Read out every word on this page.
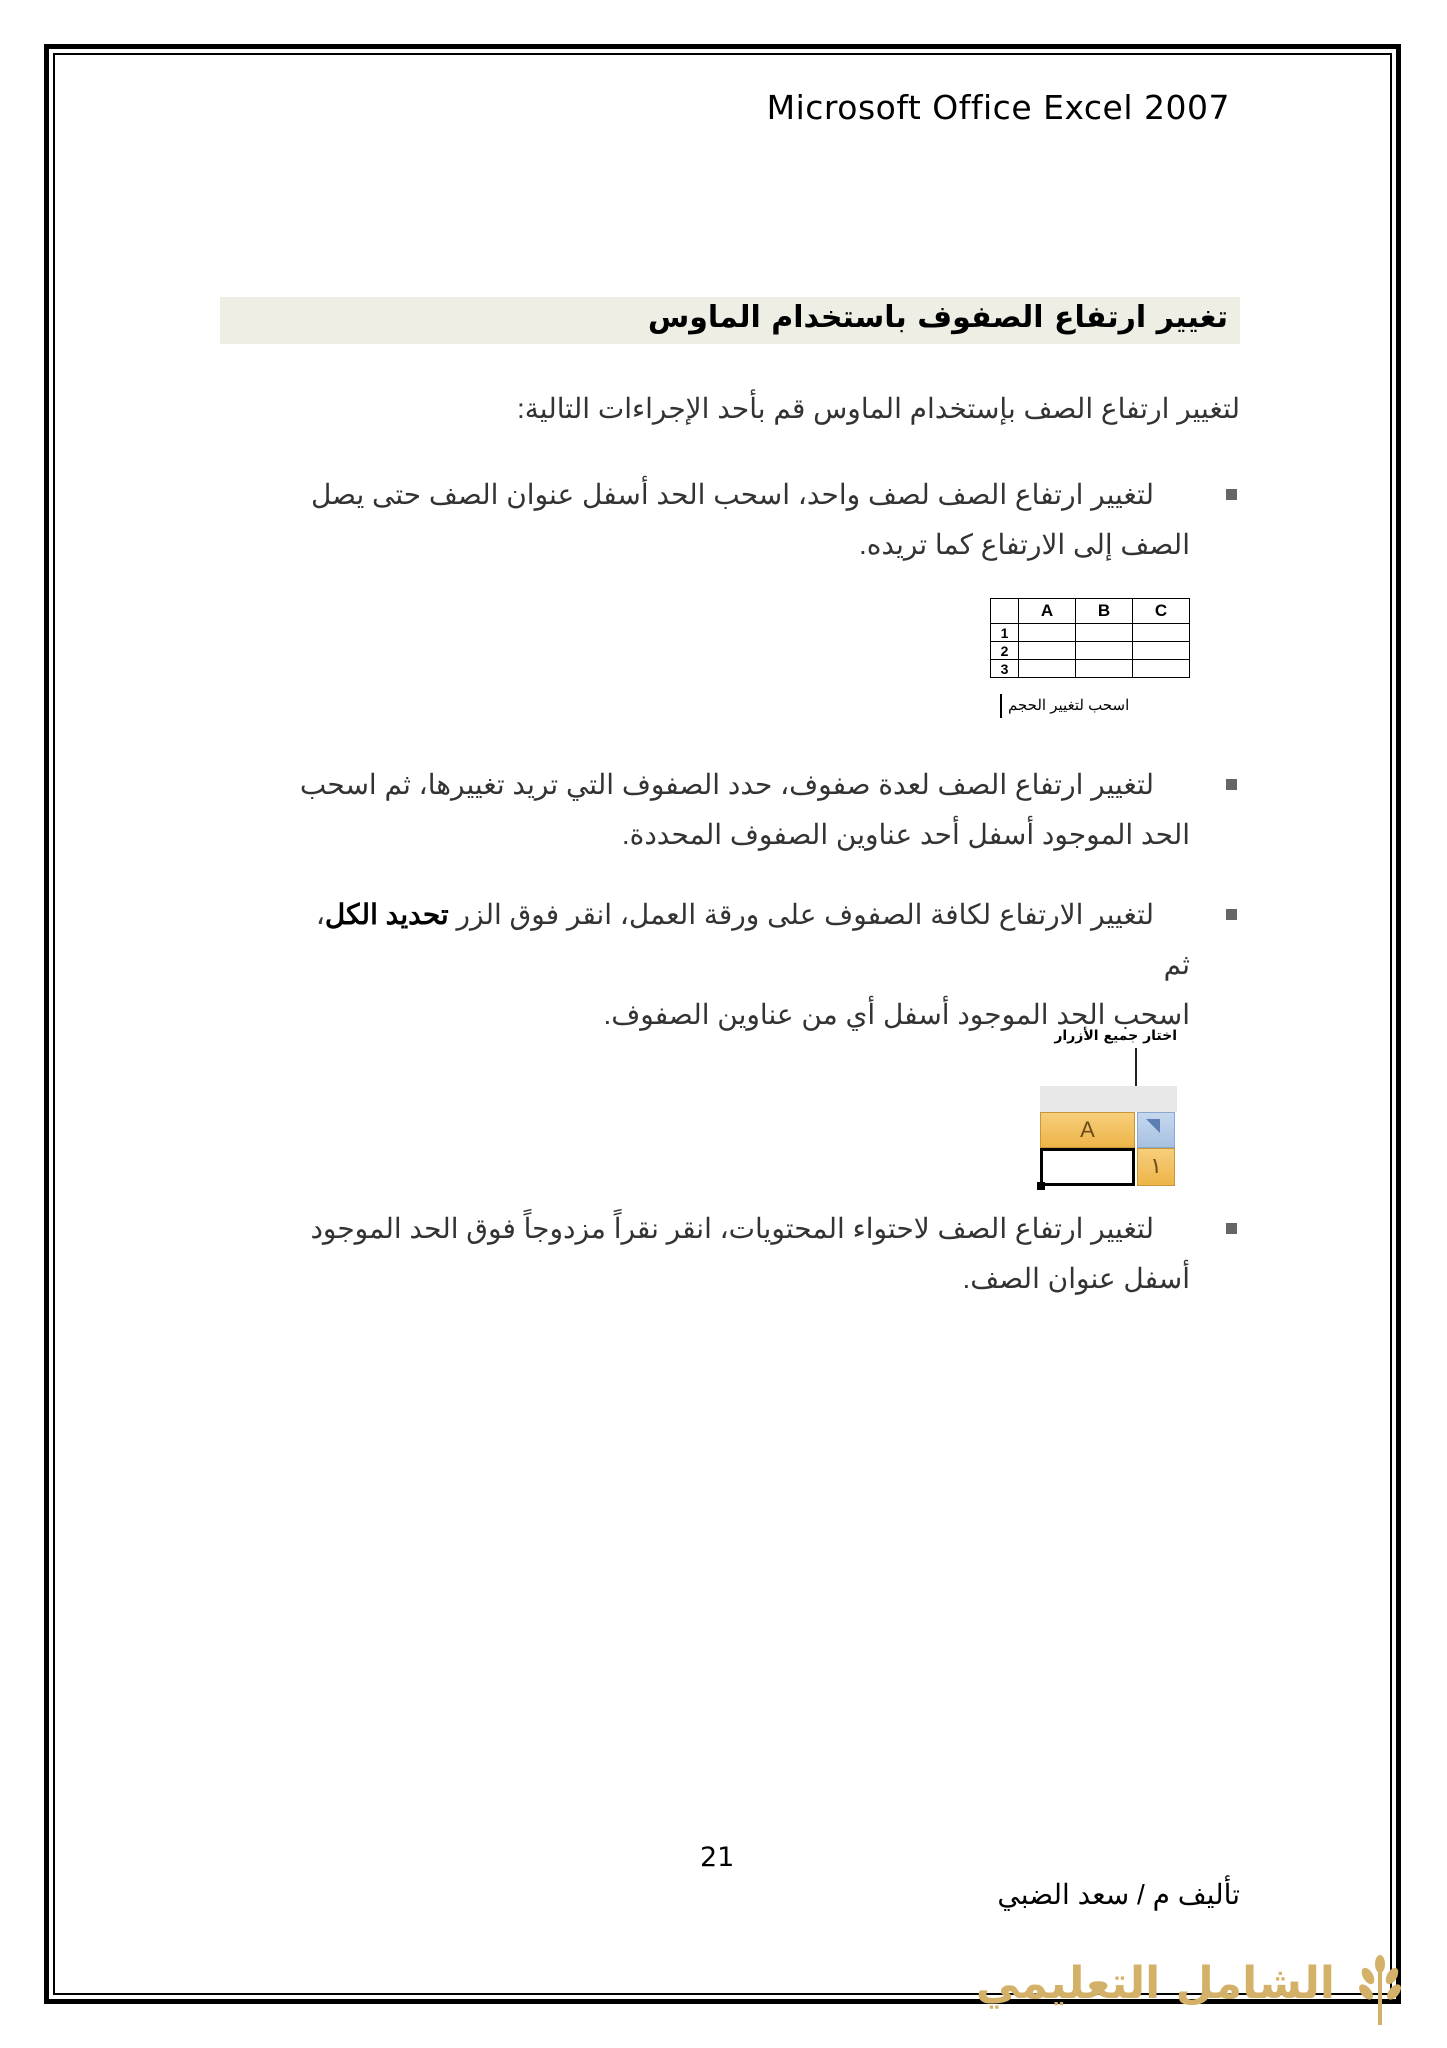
Microsoft Office Excel 2007
تغيير ارتفاع الصفوف باستخدام الماوس
لتغيير ارتفاع الصف بإستخدام الماوس قم بأحد الإجراءات التالية:
لتغيير ارتفاع الصف لصف واحد، اسحب الحد أسفل عنوان الصف حتى يصل
الصف إلى الارتفاع كما تريده.
	A	B	C
1			
2			
3			
اسحب لتغيير الحجم
لتغيير ارتفاع الصف لعدة صفوف، حدد الصفوف التي تريد تغييرها، ثم اسحب
الحد الموجود أسفل أحد عناوين الصفوف المحددة.
لتغيير الارتفاع لكافة الصفوف على ورقة العمل، انقر فوق الزر تحديد الكل، ثم
اسحب الحد الموجود أسفل أي من عناوين الصفوف.
اختار جميع الأزرار
A
١
لتغيير ارتفاع الصف لاحتواء المحتويات، انقر نقراً مزدوجاً فوق الحد الموجود
أسفل عنوان الصف.
21
تأليف م / سعد الضبي
الشامل التعليمي
